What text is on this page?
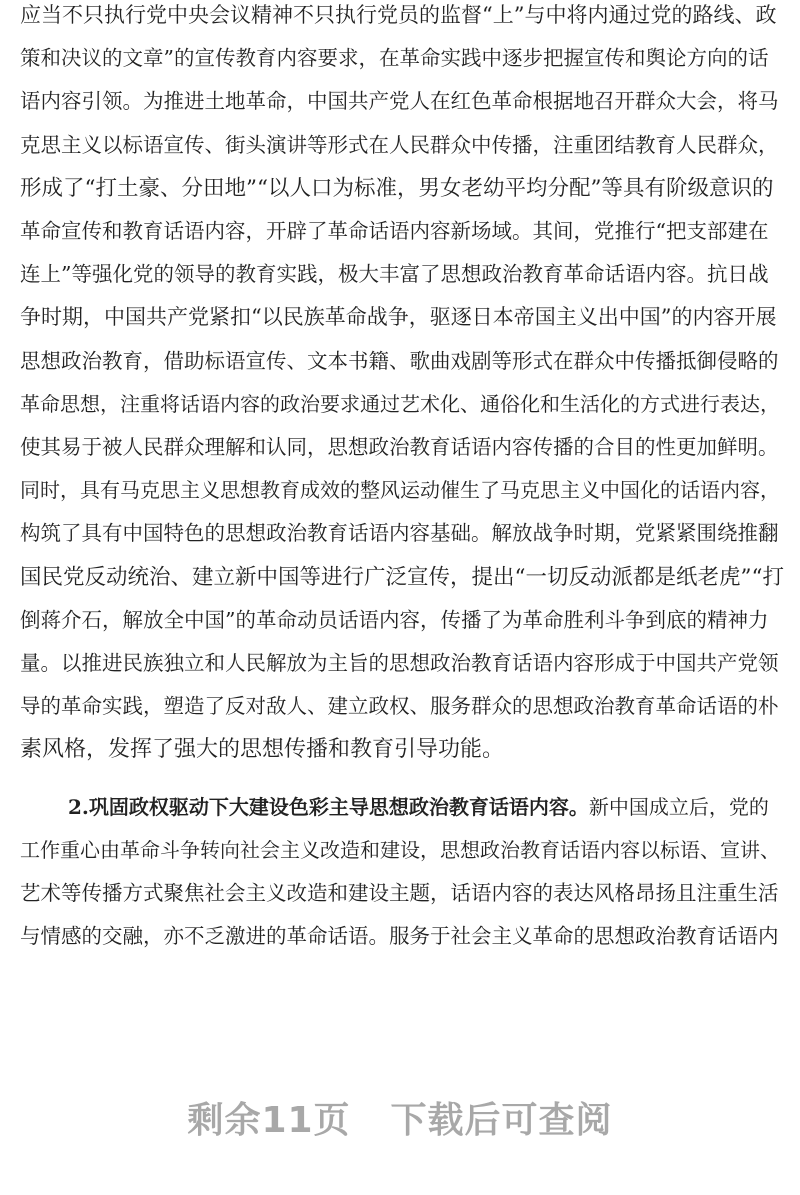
应当不只执行党中央会议精神不只执行党员的监督“上”与中将内通过党的路线、政
策和决议的文章”的宣传教育内容要求，在革命实践中逐步把握宣传和舆论方向的话
语内容引领。为推进土地革命，中国共产党人在红色革命根据地召开群众大会，将马
克思主义以标语宣传、街头演讲等形式在人民群众中传播，注重团结教育人民群众，
形成了“打土豪、分田地”“以人口为标准，男女老幼平均分配”等具有阶级意识的
革命宣传和教育话语内容，开辟了革命话语内容新场域。其间，党推行“把支部建在
连上”等强化党的领导的教育实践，极大丰富了思想政治教育革命话语内容。抗日战
争时期，中国共产党紧扣“以民族革命战争，驱逐日本帝国主义出中国”的内容开展
思想政治教育，借助标语宣传、文本书籍、歌曲戏剧等形式在群众中传播抵御侵略的
革命思想，注重将话语内容的政治要求通过艺术化、通俗化和生活化的方式进行表达，
使其易于被人民群众理解和认同，思想政治教育话语内容传播的合目的性更加鲜明。
同时，具有马克思主义思想教育成效的整风运动催生了马克思主义中国化的话语内容，
构筑了具有中国特色的思想政治教育话语内容基础。解放战争时期，党紧紧围绕推翻
国民党反动统治、建立新中国等进行广泛宣传，提出“一切反动派都是纸老虎”“打
倒蒋介石，解放全中国”的革命动员话语内容，传播了为革命胜利斗争到底的精神力
量。以推进民族独立和人民解放为主旨的思想政治教育话语内容形成于中国共产党领
导的革命实践，塑造了反对敌人、建立政权、服务群众的思想政治教育革命话语的朴
素风格，发挥了强大的思想传播和教育引导功能。
2.巩固政权驱动下大建设色彩主导思想政治教育话语内容。新中国成立后，党的
工作重心由革命斗争转向社会主义改造和建设，思想政治教育话语内容以标语、宣讲、
艺术等传播方式聚焦社会主义改造和建设主题，话语内容的表达风格昂扬且注重生活
与情感的交融，亦不乏激进的革命话语。服务于社会主义革命的思想政治教育话语内
剩余11页 下载后可查阅
